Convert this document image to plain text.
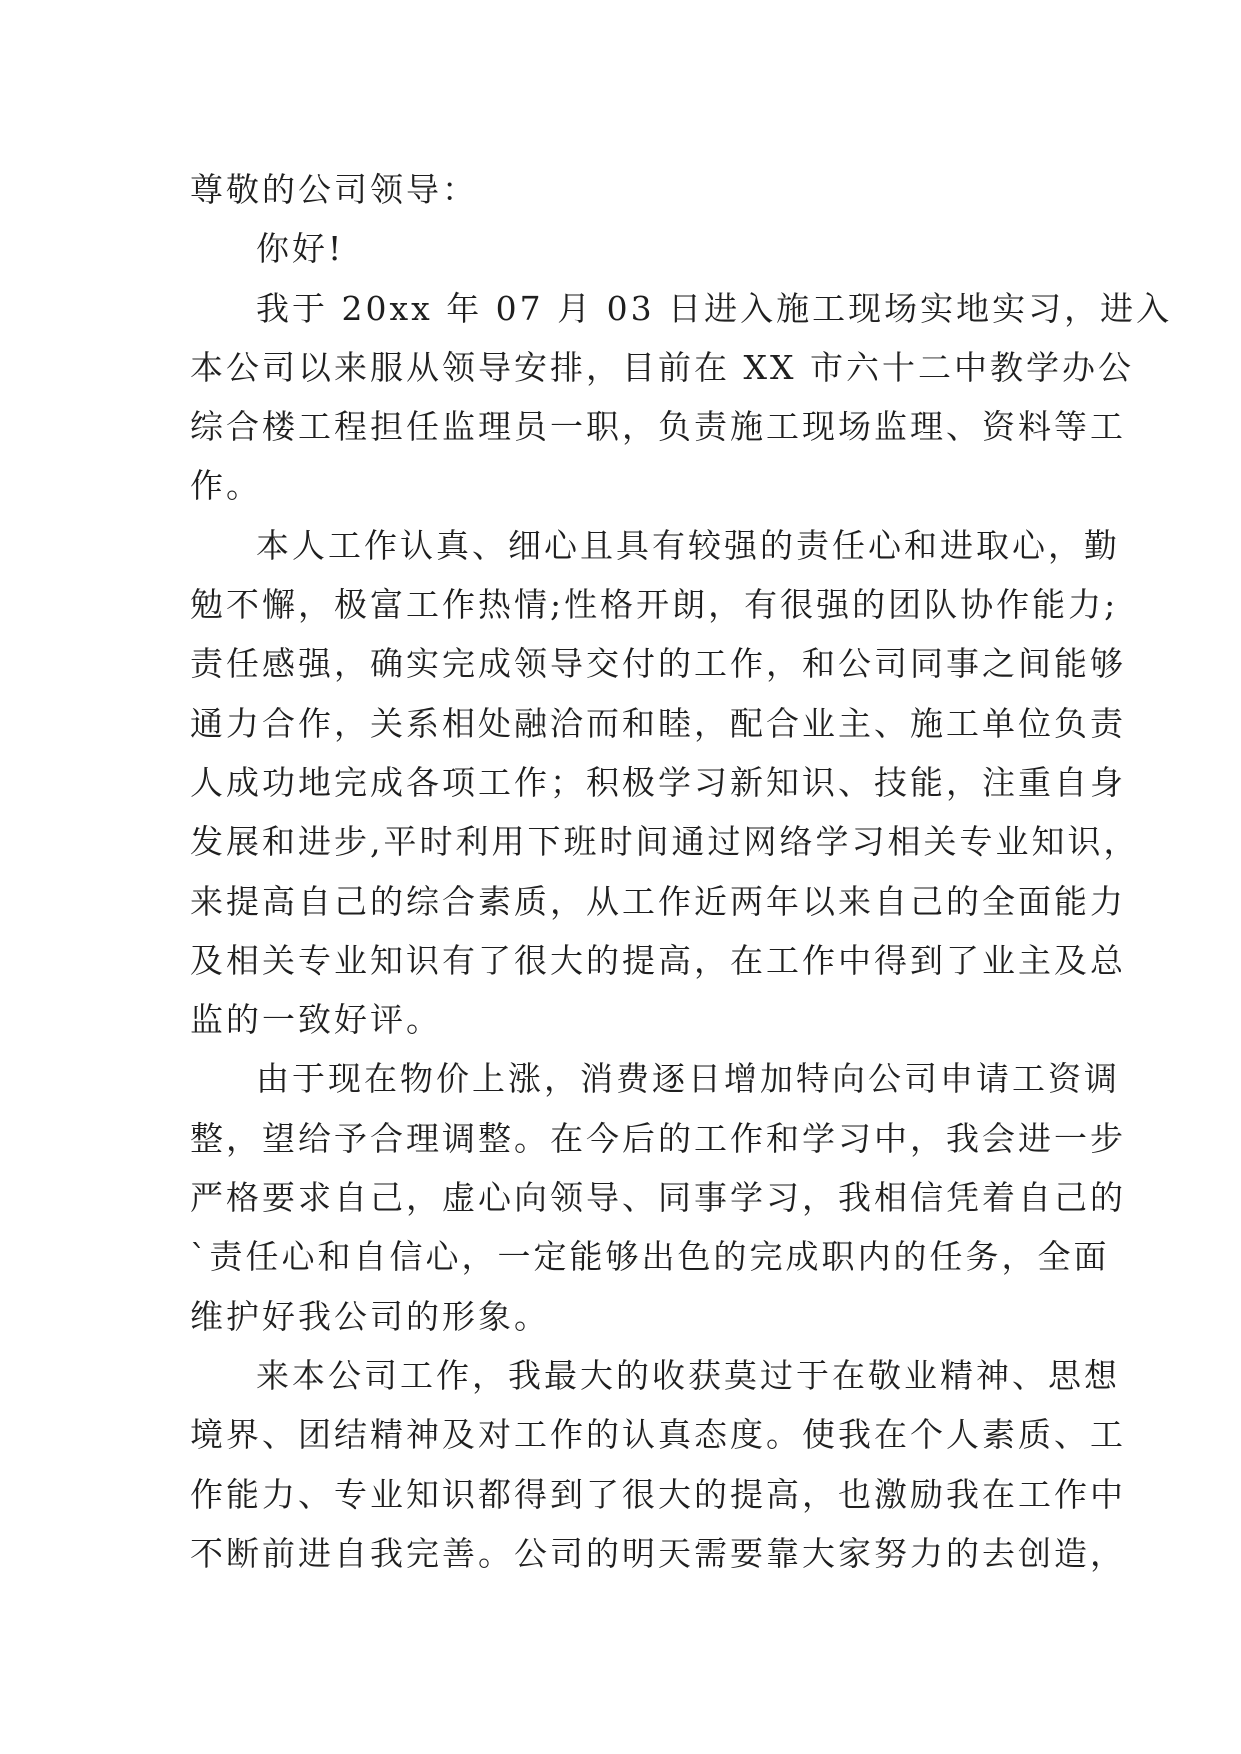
尊敬的公司领导：
你好!
我于 20xx 年 07 月 03 日进入施工现场实地实习，进入
本公司以来服从领导安排，目前在 XX 市六十二中教学办公
综合楼工程担任监理员一职，负责施工现场监理、资料等工
作。
本人工作认真、细心且具有较强的责任心和进取心，勤
勉不懈，极富工作热情;性格开朗，有很强的团队协作能力;
责任感强，确实完成领导交付的工作，和公司同事之间能够
通力合作，关系相处融洽而和睦，配合业主、施工单位负责
人成功地完成各项工作；积极学习新知识、技能，注重自身
发展和进步,平时利用下班时间通过网络学习相关专业知识，
来提高自己的综合素质，从工作近两年以来自己的全面能力
及相关专业知识有了很大的提高，在工作中得到了业主及总
监的一致好评。
由于现在物价上涨，消费逐日增加特向公司申请工资调
整，望给予合理调整。在今后的工作和学习中，我会进一步
严格要求自己，虚心向领导、同事学习，我相信凭着自己的
`责任心和自信心，一定能够出色的完成职内的任务，全面
维护好我公司的形象。
来本公司工作，我最大的收获莫过于在敬业精神、思想
境界、团结精神及对工作的认真态度。使我在个人素质、工
作能力、专业知识都得到了很大的提高，也激励我在工作中
不断前进自我完善。公司的明天需要靠大家努力的去创造，
